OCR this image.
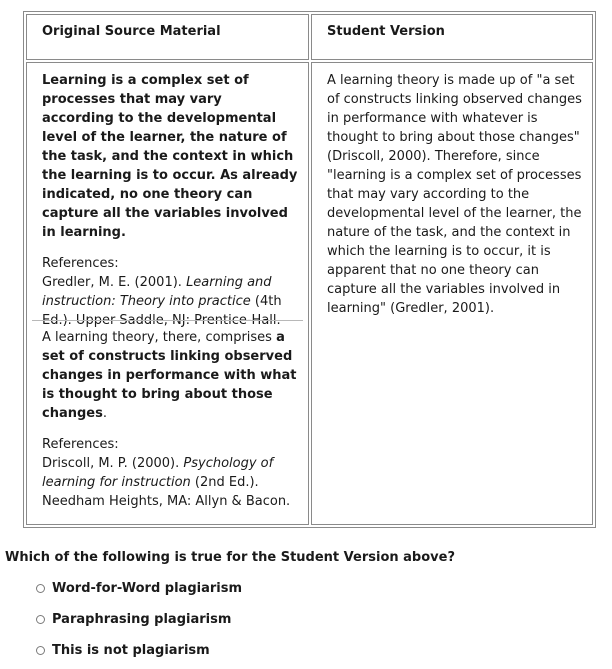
Original Source Material	Student Version

Learning is a complex set of processes that may vary according to the developmental level of the learner, the nature of the task, and the context in which the learning is to occur. As already indicated, no one theory can capture all the variables involved in learning.

References:

Gredler, M. E. (2001). Learning and instruction: Theory into practice (4th Ed.). Upper Saddle, NJ: Prentice-Hall.

A learning theory, there, comprises a set of constructs linking observed changes in performance with what is thought to bring about those changes.

References:

Driscoll, M. P. (2000). Psychology of learning for instruction (2nd Ed.). Needham Heights, MA: Allyn & Bacon.

A learning theory is made up of "a set of constructs linking observed changes in performance with whatever is thought to bring about those changes" (Driscoll, 2000). Therefore, since "learning is a complex set of processes that may vary according to the developmental level of the learner, the nature of the task, and the context in which the learning is to occur, it is apparent that no one theory can capture all the variables involved in learning" (Gredler, 2001).
Which of the following is true for the Student Version above?
Word-for-Word plagiarism
Paraphrasing plagiarism
This is not plagiarism
